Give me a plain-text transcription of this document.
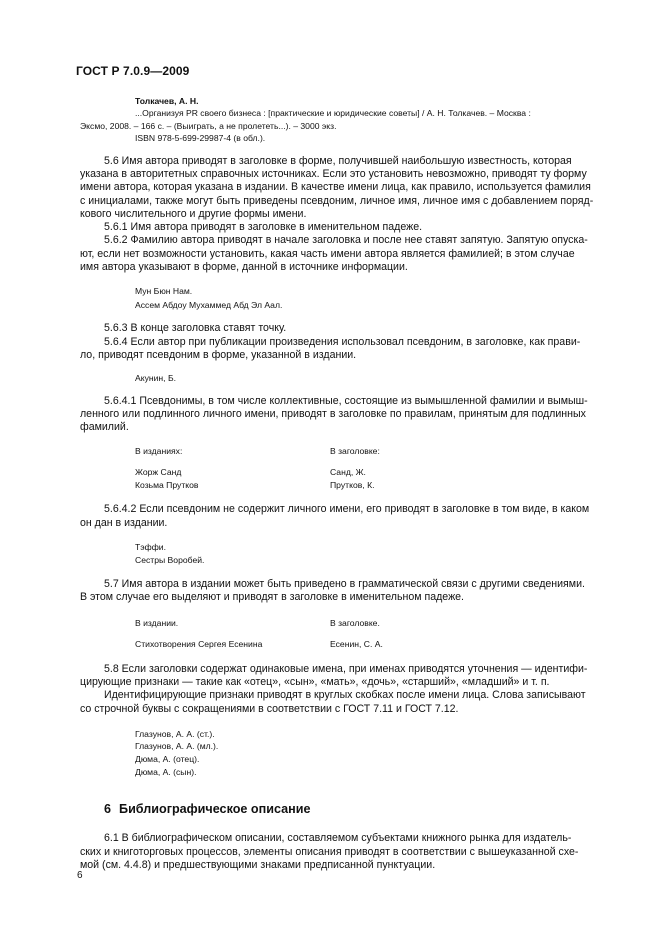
ГОСТ Р 7.0.9—2009
Толкачев, А. Н.
...Организуя PR своего бизнеса : [практические и юридические советы] / А. Н. Толкачев. – Москва :
Эксмо, 2008. – 166 с. – (Выиграть, а не пролететь...). – 3000 экз.
ISBN 978-5-699-29987-4 (в обл.).

5.6 Имя автора приводят в заголовке в форме, получившей наибольшую известность, которая
указана в авторитетных справочных источниках. Если это установить невозможно, приводят ту форму
имени автора, которая указана в издании. В качестве имени лица, как правило, используется фамилия
с инициалами, также могут быть приведены псевдоним, личное имя, личное имя с добавлением поряд-
кового числительного и другие формы имени.

5.6.1 Имя автора приводят в заголовке в именительном падеже.

5.6.2 Фамилию автора приводят в начале заголовка и после нее ставят запятую. Запятую опуска-
ют, если нет возможности установить, какая часть имени автора является фамилией; в этом случае
имя автора указывают в форме, данной в источнике информации.

Мун Бюн Нам.
Ассем Абдоу Мухаммед Абд Эл Аал.

5.6.3 В конце заголовка ставят точку.

5.6.4 Если автор при публикации произведения использовал псевдоним, в заголовке, как прави-
ло, приводят псевдоним в форме, указанной в издании.

Акунин, Б.

5.6.4.1 Псевдонимы, в том числе коллективные, состоящие из вымышленной фамилии и вымыш-
ленного или подлинного личного имени, приводят в заголовке по правилам, принятым для подлинных
фамилий.

В изданиях:	В заголовке:
Жорж Санд	Санд, Ж.
Козьма Прутков	Прутков, К.

5.6.4.2 Если псевдоним не содержит личного имени, его приводят в заголовке в том виде, в каком
он дан в издании.

Тэффи.
Сестры Воробей.

5.7 Имя автора в издании может быть приведено в грамматической связи с другими сведениями.
В этом случае его выделяют и приводят в заголовке в именительном падеже.

В издании.	В заголовке.
Стихотворения Сергея Есенина	Есенин, С. А.

5.8 Если заголовки содержат одинаковые имена, при именах приводятся уточнения — идентифи-
цирующие признаки — такие как «отец», «сын», «мать», «дочь», «старший», «младший» и т. п.

Идентифицирующие признаки приводят в круглых скобках после имени лица. Слова записывают
со строчной буквы с сокращениями в соответствии с ГОСТ 7.11 и ГОСТ 7.12.

Глазунов, А. А. (ст.).
Глазунов, А. А. (мл.).
Дюма, А. (отец).
Дюма, А. (сын).
6 Библиографическое описание

6.1 В библиографическом описании, составляемом субъектами книжного рынка для издатель-
ских и книготорговых процессов, элементы описания приводят в соответствии с вышеуказанной схе-
мой (см. 4.4.8) и предшествующими знаками предписанной пунктуации.

6
